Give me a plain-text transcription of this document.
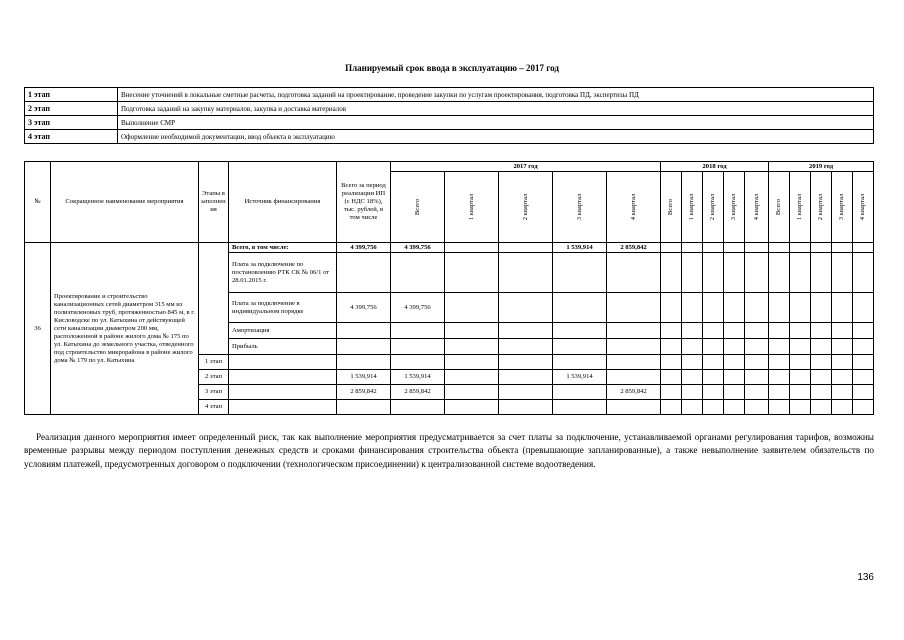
Планируемый срок ввода в эксплуатацию – 2017 год
1 этап	Внесение уточнений в локальные сметные расчеты, подготовка заданий на проектирование, проведение закупки по услугам проектирования, подготовка ПД, экспертизы ПД
2 этап	Подготовка заданий на закупку материалов, закупка и доставка материалов
3 этап	Выполнение СМР
4 этап	Оформление необходимой документации, ввод объекта в эксплуатацию
№	Сокращенное наименование мероприятия	Этапы выполнения	Источник финансирования	Всего за период реализации ИП (с НДС 18%), тыс. рублей, в том числе	2017 год					2018 год					2019 год				

					Всего	1 квартал	2 квартал	3 квартал	4 квартал	Всего	1 квартал	2 квартал	3 квартал	4 квартал	Всего	1 квартал	2 квартал	3 квартал	4 квартал

36	Проектирование и строительство канализационных сетей диаметром 315 мм из полиэтиленовых труб, протяженностью 845 м, в г. Кисловодске по ул. Катыхина от действующей сети канализации диаметром 200 мм, расположенной в районе жилого дома № 175 по ул. Катыхина до земельного участка, отведенного под строительство микрорайона в районе жилого дома № 179 по ул. Катыхина		Всего, в том числе:	4 399,756	4 399,756			1 539,914	2 859,842										
			Плата за подключение по постановлению РТК СК № 06/1 от 28.01.2015 г.																
			Плата за подключение в индивидуальном порядке	4 399,756	4 399,756														
			Амортизация																
			Прибыль																
		1 этап																	
		2 этап		1 539,914	1 539,914			1 539,914											
		3 этап		2 859,842	2 859,842				2 859,842										
		4 этап																	
Реализация данного мероприятия имеет определенный риск, так как выполнение мероприятия предусматривается за счет платы за подключение, устанавливаемой органами регулирования тарифов, возможны временные разрывы между периодом поступления денежных средств и сроками финансирования строительства объекта (превышающие запланированные), а также невыполнение заявителем обязательств по условиям платежей, предусмотренных договором о подключении (технологическом присоединении) к централизованной системе водоотведения.
136
